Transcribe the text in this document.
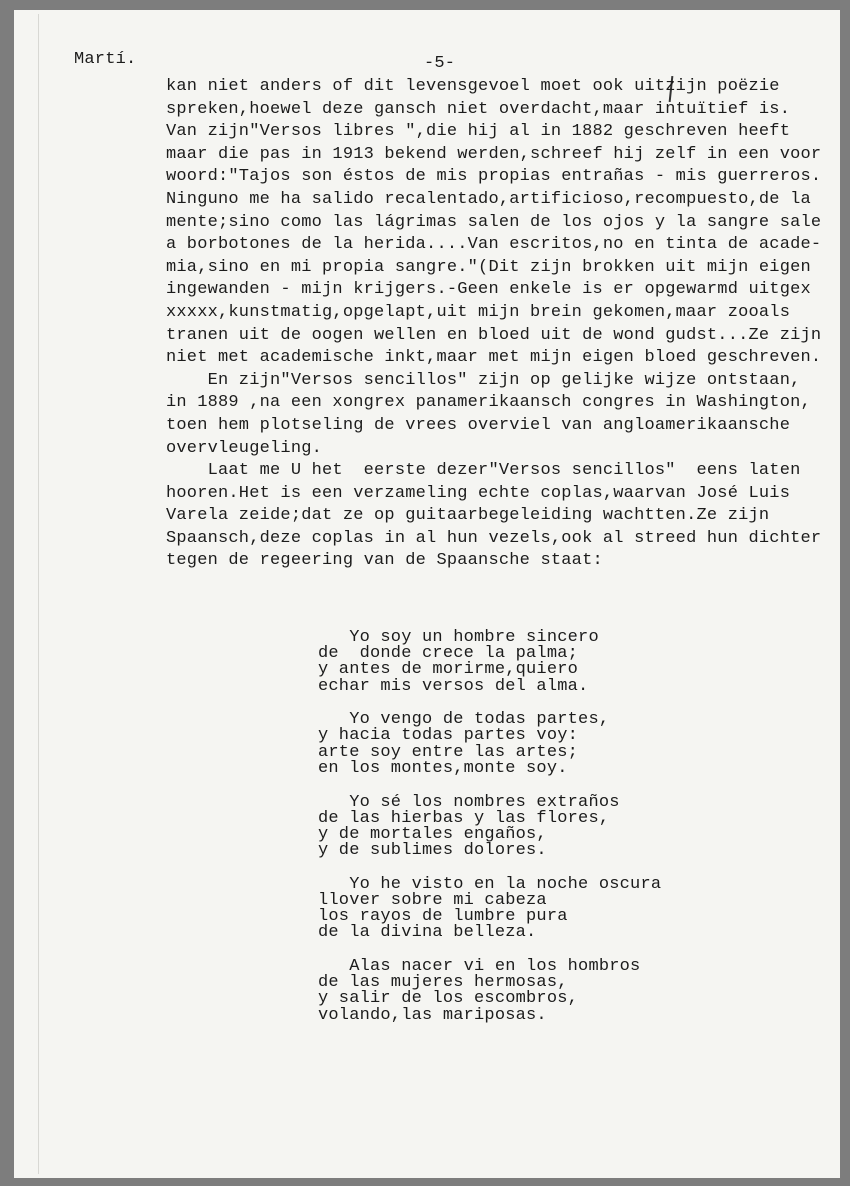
Martí.	-5-
kan niet anders of dit levensgevoel moet ook uitzijn poëzie
spreken,hoewel deze gansch niet overdacht,maar intuïtief is.
Van zijn"Versos libres ",die hij al in 1882 geschreven heeft
maar die pas in 1913 bekend werden,schreef hij zelf in een voor
woord:"Tajos son éstos de mis propias entrañas - mis guerreros.
Ninguno me ha salido recalentado,artificioso,recompuesto,de la
mente;sino como las lágrimas salen de los ojos y la sangre sale
a borbotones de la herida....Van escritos,no en tinta de acade-
mia,sino en mi propia sangre."(Dit zijn brokken uit mijn eigen
ingewanden - mijn krijgers.-Geen enkele is er opgewarmd uitgex
xxxxx,kunstmatig,opgelapt,uit mijn brein gekomen,maar zooals
tranen uit de oogen wellen en bloed uit de wond gudst...Ze zijn
niet met academische inkt,maar met mijn eigen bloed geschreven.
En zijn"Versos sencillos" zijn op gelijke wijze ontstaan,
in 1889 ,na een xongrex panamerikaansch congres in Washington,
toen hem plotseling de vrees overviel van angloamerikaansche
overvleugeling.
Laat me U het  eerste dezer"Versos sencillos"  eens laten
hooren.Het is een verzameling echte coplas,waarvan José Luis
Varela zeide;dat ze op guitaarbegeleiding wachtten.Ze zijn
Spaansch,deze coplas in al hun vezels,ook al streed hun dichter
tegen de regeering van de Spaansche staat:
Yo soy un hombre sincero
de  donde crece la palma;
y antes de morirme,quiero
echar mis versos del alma.
Yo vengo de todas partes,
y hacia todas partes voy:
arte soy entre las artes;
en los montes,monte soy.
Yo sé los nombres extraños
de las hierbas y las flores,
y de mortales engaños,
y de sublimes dolores.
Yo he visto en la noche oscura
llover sobre mi cabeza
los rayos de lumbre pura
de la divina belleza.
Alas nacer vi en los hombros
de las mujeres hermosas,
y salir de los escombros,
volando,las mariposas.
